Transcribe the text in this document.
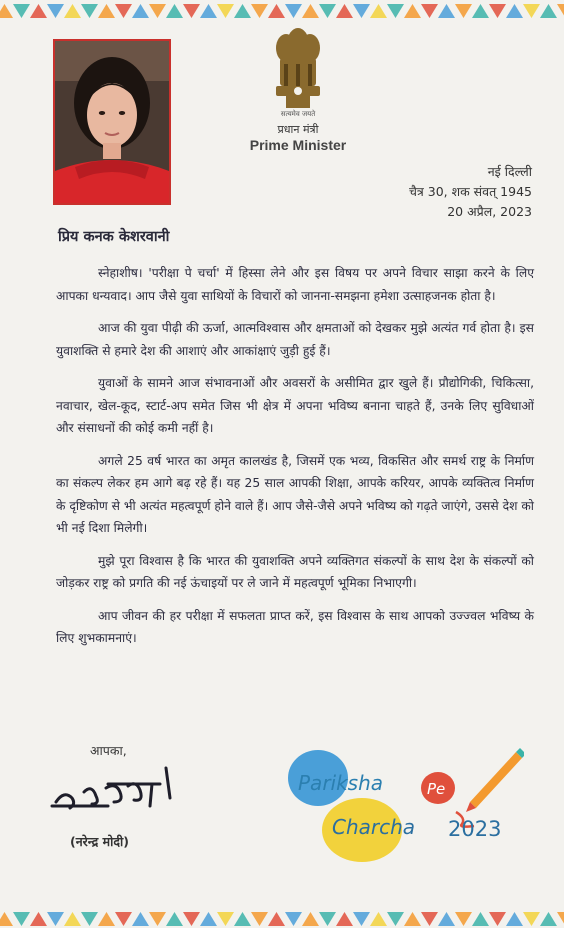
सत्यमेव जयते
प्रधान मंत्री
Prime Minister
नई दिल्ली
चैत्र 30, शक संवत् 1945
20 अप्रैल, 2023
प्रिय कनक केशरवानी

स्नेहाशीष। 'परीक्षा पे चर्चा' में हिस्सा लेने और इस विषय पर अपने विचार साझा करने के लिए आपका धन्यवाद। आप जैसे युवा साथियों के विचारों को जानना-समझना हमेशा उत्साहजनक होता है।

आज की युवा पीढ़ी की ऊर्जा, आत्मविश्वास और क्षमताओं को देखकर मुझे अत्यंत गर्व होता है। इस युवाशक्ति से हमारे देश की आशाएं और आकांक्षाएं जुड़ी हुई हैं।

युवाओं के सामने आज संभावनाओं और अवसरों के असीमित द्वार खुले हैं। प्रौद्योगिकी, चिकित्सा, नवाचार, खेल-कूद, स्टार्ट-अप समेत जिस भी क्षेत्र में अपना भविष्य बनाना चाहते हैं, उनके लिए सुविधाओं और संसाधनों की कोई कमी नहीं है।

अगले 25 वर्ष भारत का अमृत कालखंड है, जिसमें एक भव्य, विकसित और समर्थ राष्ट्र के निर्माण का संकल्प लेकर हम आगे बढ़ रहे हैं। यह 25 साल आपकी शिक्षा, आपके करियर, आपके व्यक्तित्व निर्माण के दृष्टिकोण से भी अत्यंत महत्वपूर्ण होने वाले हैं। आप जैसे-जैसे अपने भविष्य को गढ़ते जाएंगे, उससे देश को भी नई दिशा मिलेगी।

मुझे पूरा विश्वास है कि भारत की युवाशक्ति अपने व्यक्तिगत संकल्पों के साथ देश के संकल्पों को जोड़कर राष्ट्र को प्रगति की नई ऊंचाइयों पर ले जाने में महत्वपूर्ण भूमिका निभाएगी।

आप जीवन की हर परीक्षा में सफलता प्राप्त करें, इस विश्वास के साथ आपको उज्ज्वल भविष्य के लिए शुभकामनाएं।

आपका,
(नरेन्द्र मोदी)
Pariksha	Pe
Charcha 2023
